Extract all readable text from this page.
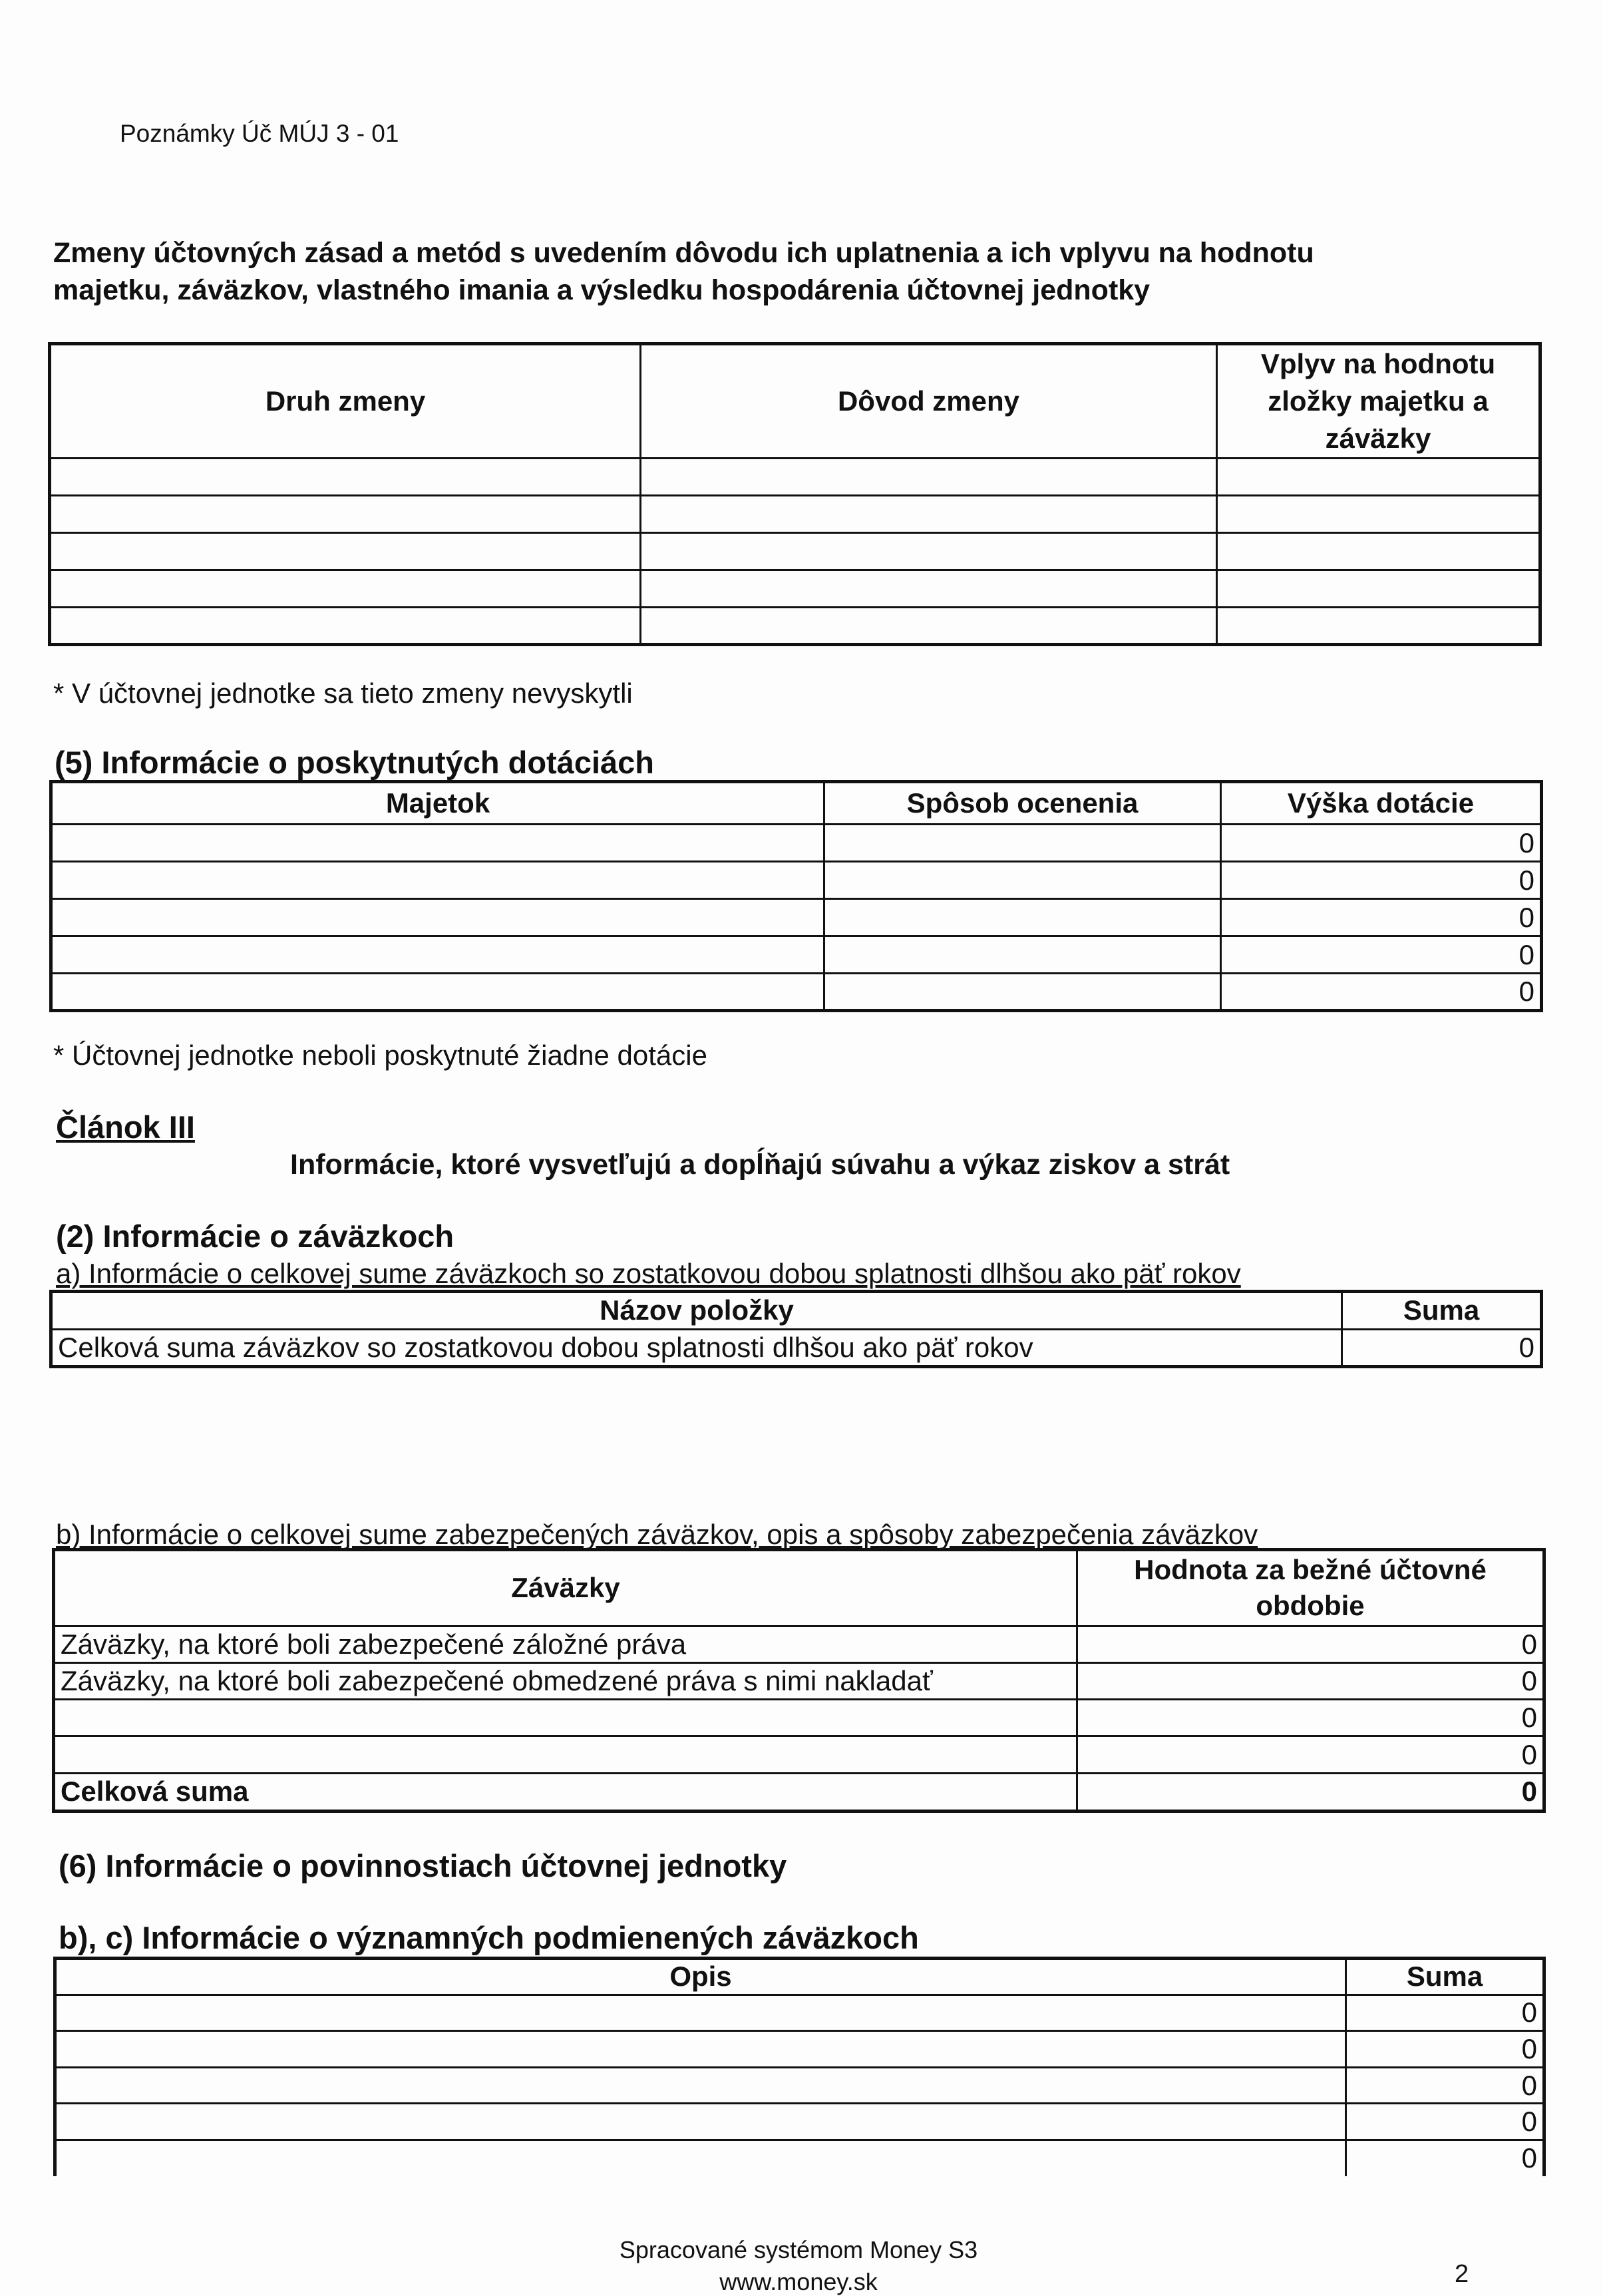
Poznámky Úč MÚJ 3 - 01
Zmeny účtovných zásad a metód s uvedením dôvodu ich uplatnenia a ich vplyvu na hodnotu majetku, záväzkov, vlastného imania a výsledku hospodárenia účtovnej jednotky
Druh zmeny	Dôvod zmeny	Vplyv na hodnotu zložky majetku a záväzky

* V účtovnej jednotke sa tieto zmeny nevyskytli
(5) Informácie o poskytnutých dotáciách
Majetok	Spôsob ocenenia	Výška dotácie
		0
		0
		0
		0
		0
* Účtovnej jednotke neboli poskytnuté žiadne dotácie
Článok III
Informácie, ktoré vysvetľujú a dopĺňajú súvahu a výkaz ziskov a strát
(2) Informácie o záväzkoch
a) Informácie o celkovej sume záväzkoch so zostatkovou dobou splatnosti dlhšou ako päť rokov
Názov položky	Suma
Celková suma záväzkov so zostatkovou dobou splatnosti dlhšou ako päť rokov	0
b) Informácie o celkovej sume zabezpečených záväzkov, opis a spôsoby zabezpečenia záväzkov
Záväzky	Hodnota za bežné účtovné obdobie
Záväzky, na ktoré boli zabezpečené záložné práva	0
Záväzky, na ktoré boli zabezpečené obmedzené práva s nimi nakladať	0
	0
	0
Celková suma	0
(6) Informácie o povinnostiach účtovnej jednotky
b), c) Informácie o významných podmienených záväzkoch
Opis	Suma
	0
	0
	0
	0
	0
Spracované systémom Money S3
www.money.sk	2
